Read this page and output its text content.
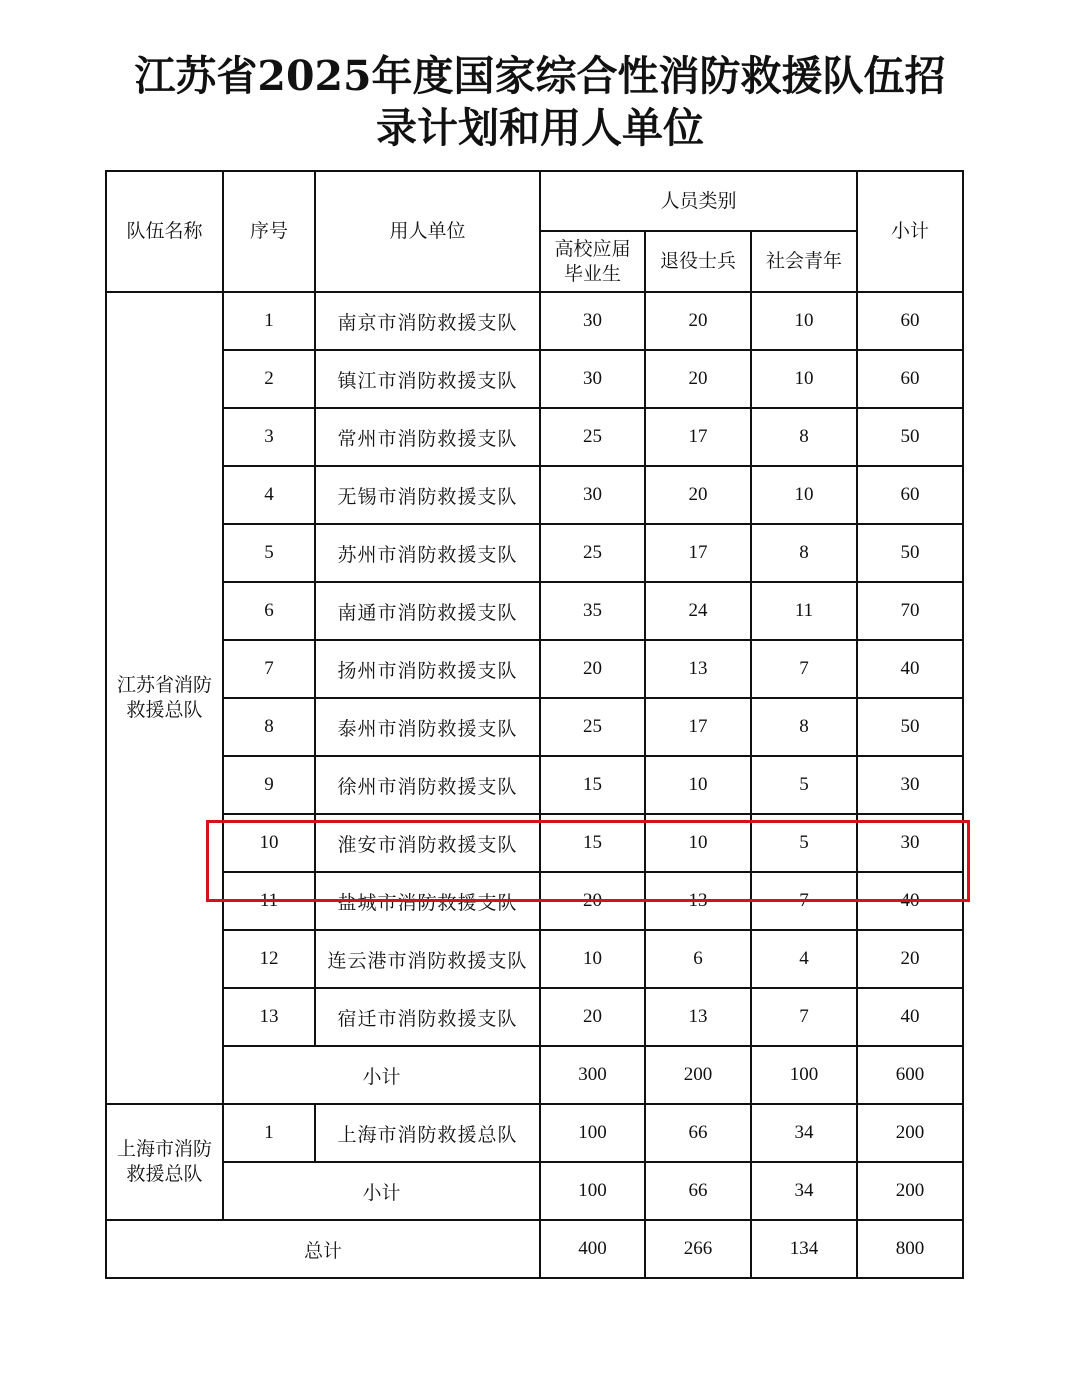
江苏省2025年度国家综合性消防救援队伍招
录计划和用人单位
队伍名称	序号	用人单位	人员类别			小计

			高校应届
毕业生	退役士兵	社会青年	

江苏省消防
救援总队	1	南京市消防救援支队	30	20	10	60
	2	镇江市消防救援支队	30	20	10	60
	3	常州市消防救援支队	25	17	8	50
	4	无锡市消防救援支队	30	20	10	60
	5	苏州市消防救援支队	25	17	8	50
	6	南通市消防救援支队	35	24	11	70
	7	扬州市消防救援支队	20	13	7	40
	8	泰州市消防救援支队	25	17	8	50
	9	徐州市消防救援支队	15	10	5	30
	10	淮安市消防救援支队	15	10	5	30
	11	盐城市消防救援支队	20	13	7	40
	12	连云港市消防救援支队	10	6	4	20
	13	宿迁市消防救援支队	20	13	7	40
	小计		300	200	100	600

上海市消防
救援总队	1	上海市消防救援总队	100	66	34	200
	小计		100	66	34	200
总计			400	266	134	800
